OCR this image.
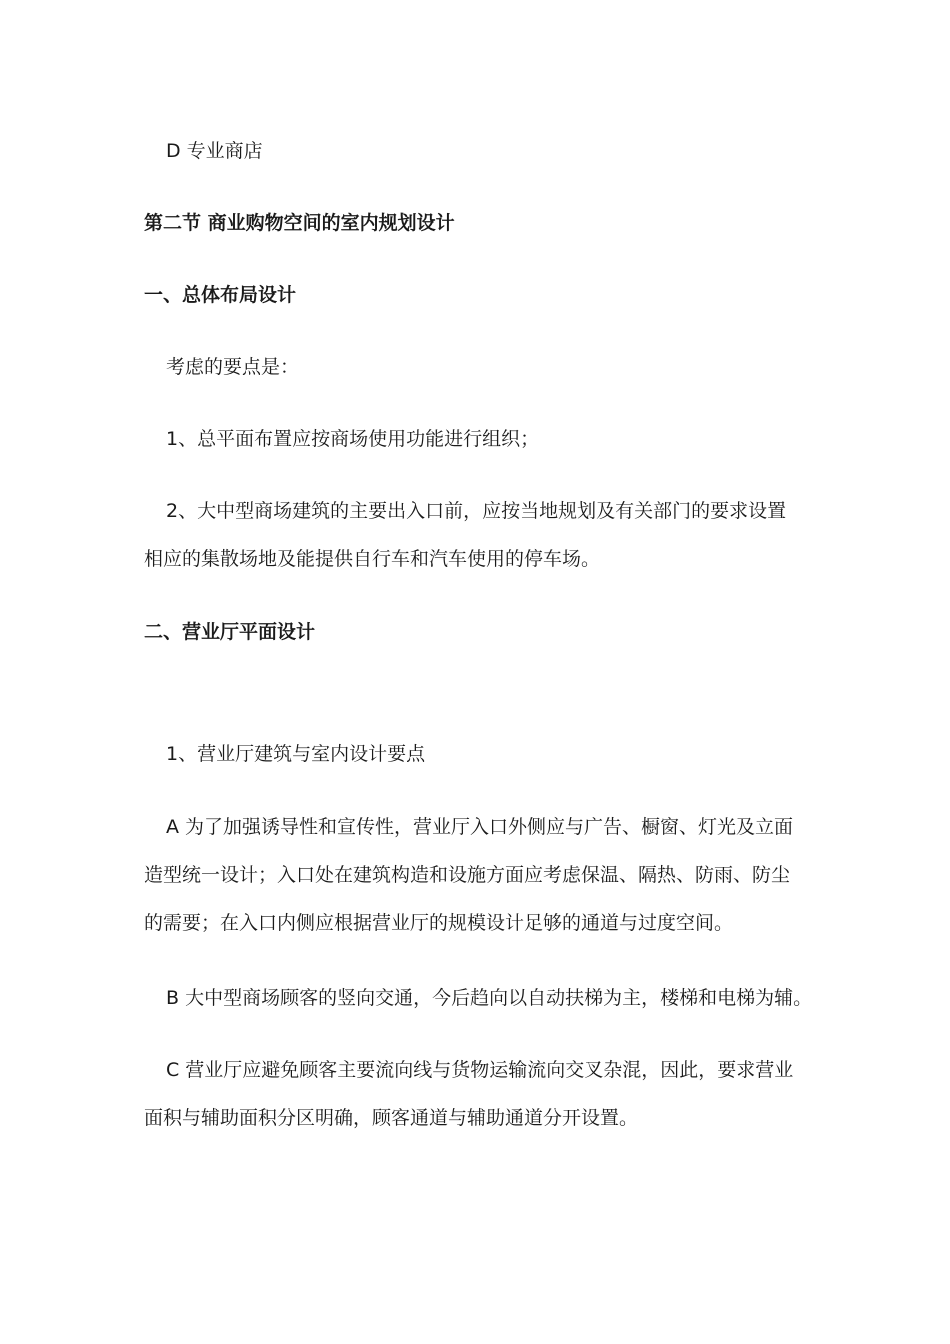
D 专业商店
第二节 商业购物空间的室内规划设计
一、总体布局设计
考虑的要点是：
1、总平面布置应按商场使用功能进行组织；
2、大中型商场建筑的主要出入口前，应按当地规划及有关部门的要求设置
相应的集散场地及能提供自行车和汽车使用的停车场。
二、营业厅平面设计
1、营业厅建筑与室内设计要点
A 为了加强诱导性和宣传性，营业厅入口外侧应与广告、橱窗、灯光及立面
造型统一设计；入口处在建筑构造和设施方面应考虑保温、隔热、防雨、防尘
的需要；在入口内侧应根据营业厅的规模设计足够的通道与过度空间。
B 大中型商场顾客的竖向交通，今后趋向以自动扶梯为主，楼梯和电梯为辅。
C 营业厅应避免顾客主要流向线与货物运输流向交叉杂混，因此，要求营业
面积与辅助面积分区明确，顾客通道与辅助通道分开设置。
